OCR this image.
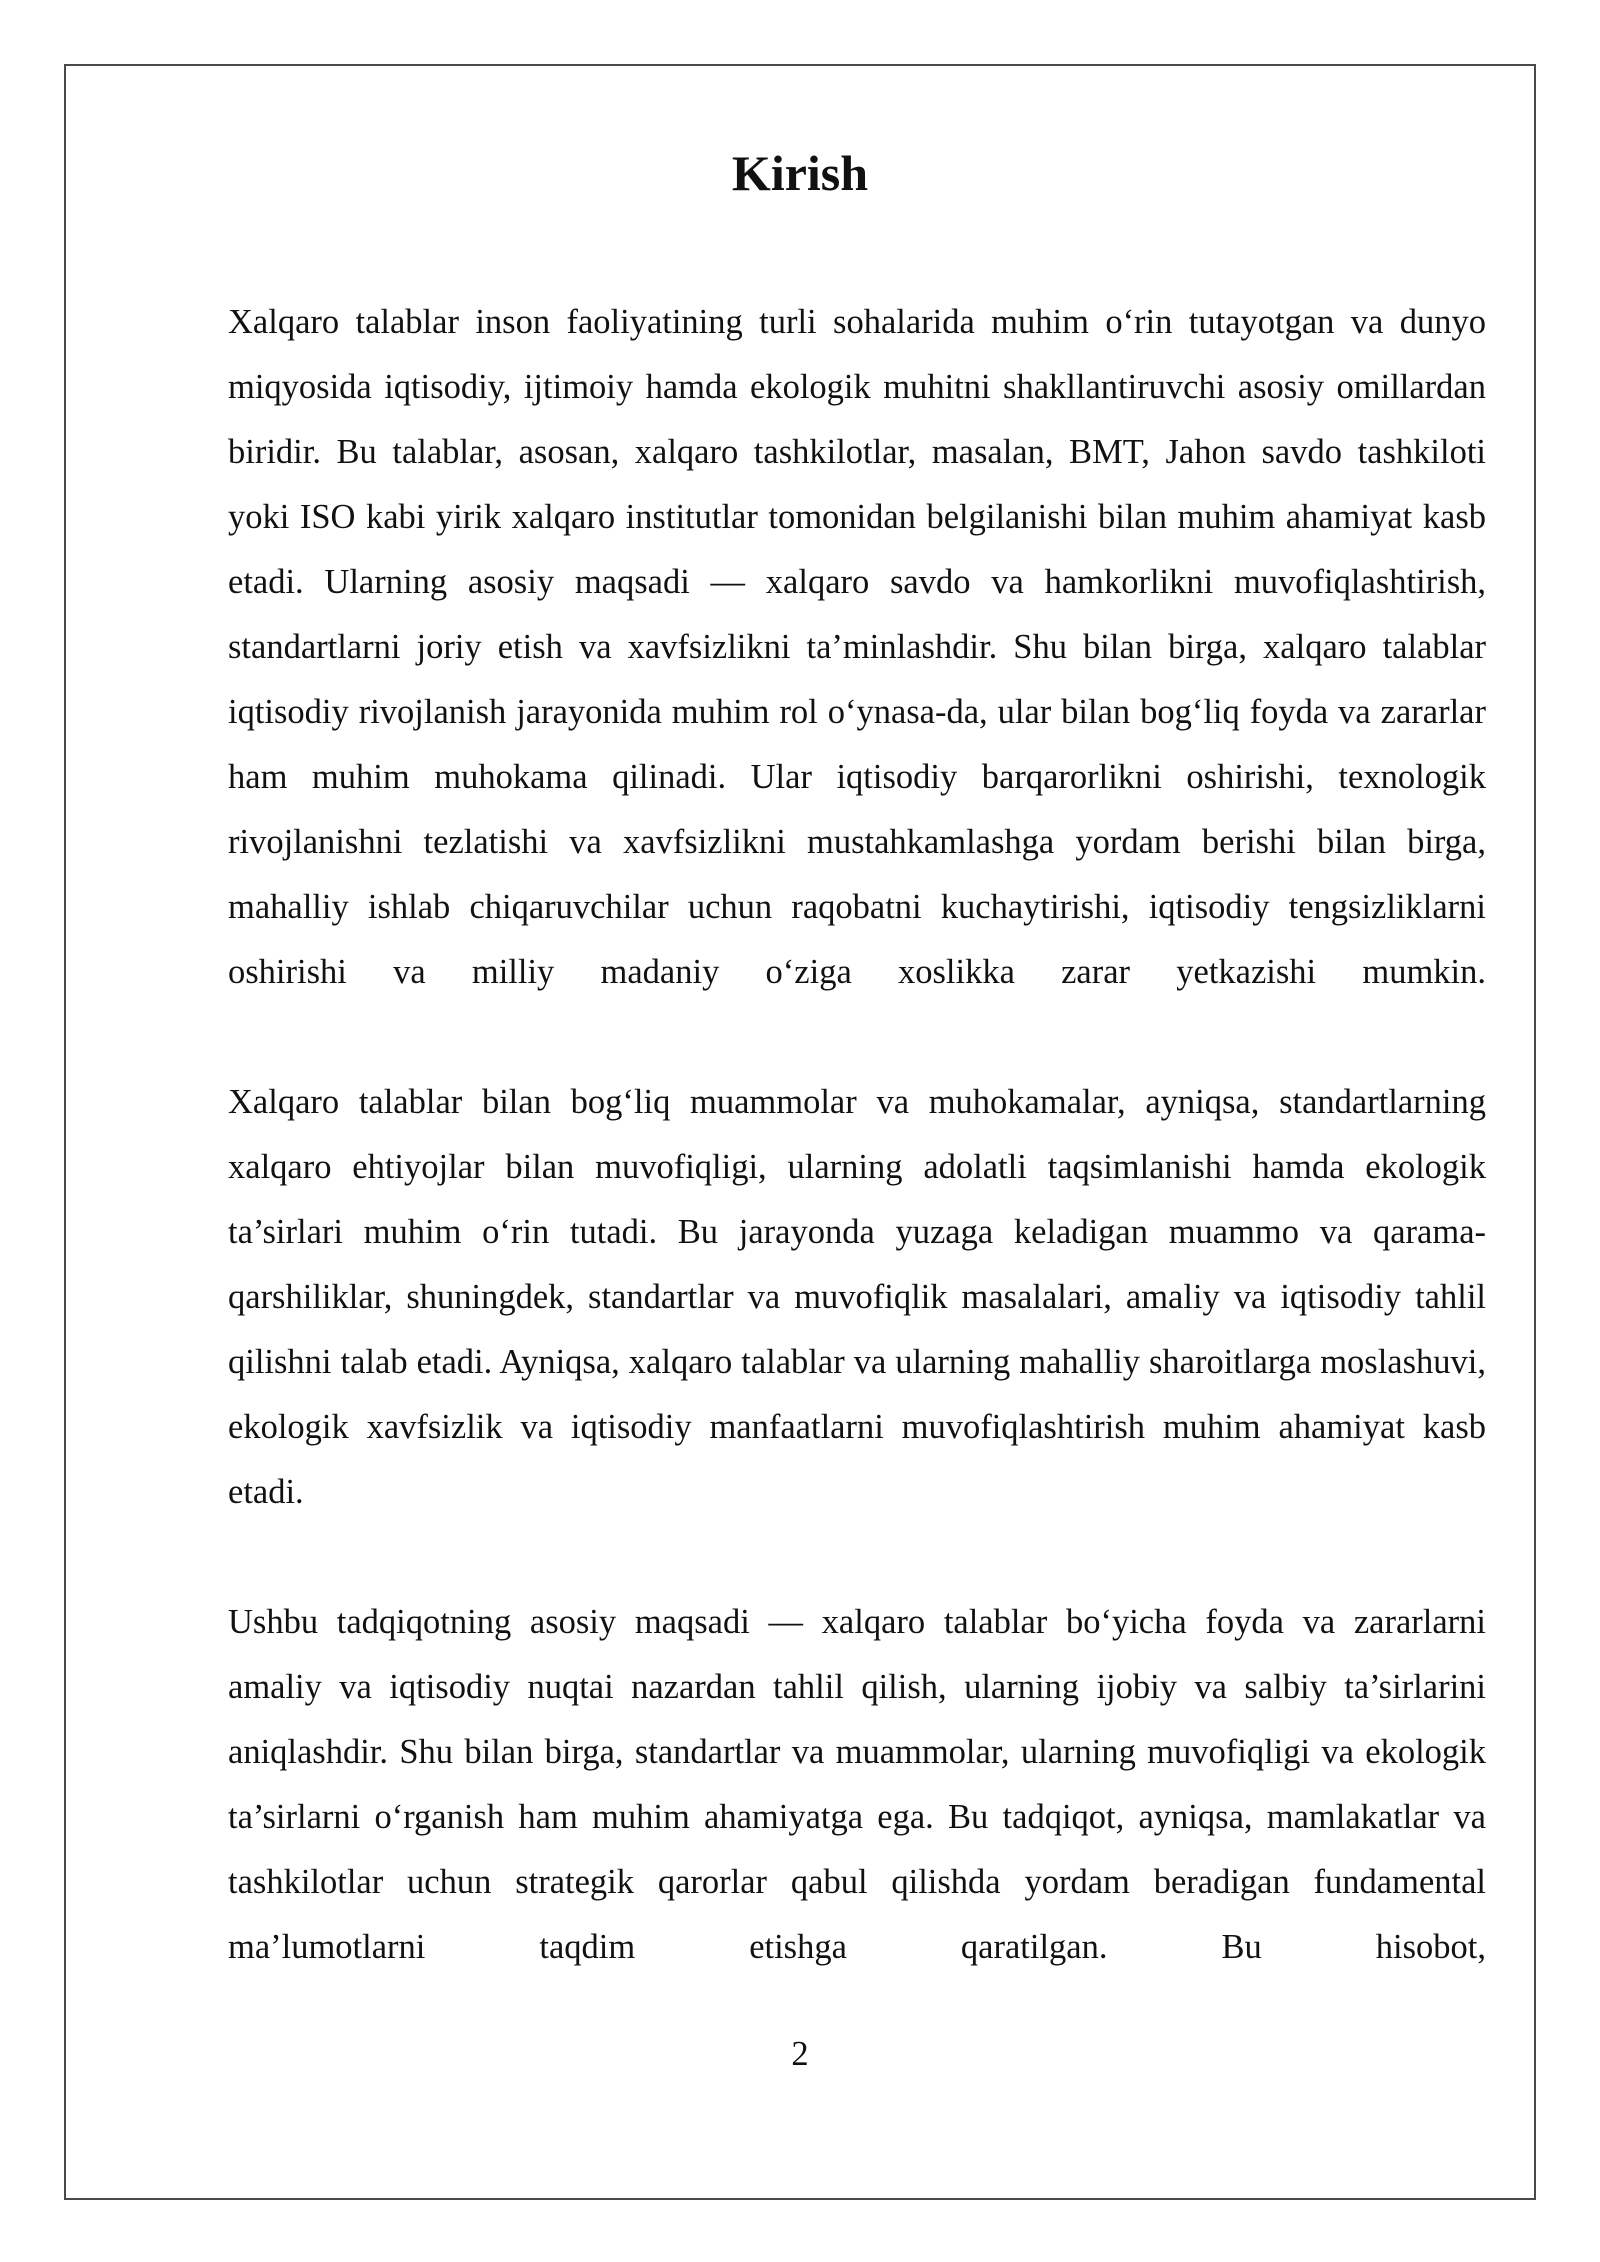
Kirish

Xalqaro talablar inson faoliyatining turli sohalarida muhim o‘rin tutayotgan va dunyo miqyosida iqtisodiy, ijtimoiy hamda ekologik muhitni shakllantiruvchi asosiy omillardan biridir. Bu talablar, asosan, xalqaro tashkilotlar, masalan, BMT, Jahon savdo tashkiloti yoki ISO kabi yirik xalqaro institutlar tomonidan belgilanishi bilan muhim ahamiyat kasb etadi. Ularning asosiy maqsadi — xalqaro savdo va hamkorlikni muvofiqlashtirish, standartlarni joriy etish va xavfsizlikni ta’minlashdir. Shu bilan birga, xalqaro talablar iqtisodiy rivojlanish jarayonida muhim rol o‘ynasa-da, ular bilan bog‘liq foyda va zararlar ham muhim muhokama qilinadi. Ular iqtisodiy barqarorlikni oshirishi, texnologik rivojlanishni tezlatishi va xavfsizlikni mustahkamlashga yordam berishi bilan birga, mahalliy ishlab chiqaruvchilar uchun raqobatni kuchaytirishi, iqtisodiy tengsizliklarni oshirishi va milliy madaniy o‘ziga xoslikka zarar yetkazishi mumkin.

Xalqaro talablar bilan bog‘liq muammolar va muhokamalar, ayniqsa, standartlarning xalqaro ehtiyojlar bilan muvofiqligi, ularning adolatli taqsimlanishi hamda ekologik ta’sirlari muhim o‘rin tutadi. Bu jarayonda yuzaga keladigan muammo va qarama-qarshiliklar, shuningdek, standartlar va muvofiqlik masalalari, amaliy va iqtisodiy tahlil qilishni talab etadi. Ayniqsa, xalqaro talablar va ularning mahalliy sharoitlarga moslashuvi, ekologik xavfsizlik va iqtisodiy manfaatlarni muvofiqlashtirish muhim ahamiyat kasb etadi.

Ushbu tadqiqotning asosiy maqsadi — xalqaro talablar bo‘yicha foyda va zararlarni amaliy va iqtisodiy nuqtai nazardan tahlil qilish, ularning ijobiy va salbiy ta’sirlarini aniqlashdir. Shu bilan birga, standartlar va muammolar, ularning muvofiqligi va ekologik ta’sirlarni o‘rganish ham muhim ahamiyatga ega. Bu tadqiqot, ayniqsa, mamlakatlar va tashkilotlar uchun strategik qarorlar qabul qilishda yordam beradigan fundamental ma’lumotlarni taqdim etishga qaratilgan. Bu hisobot,

2
